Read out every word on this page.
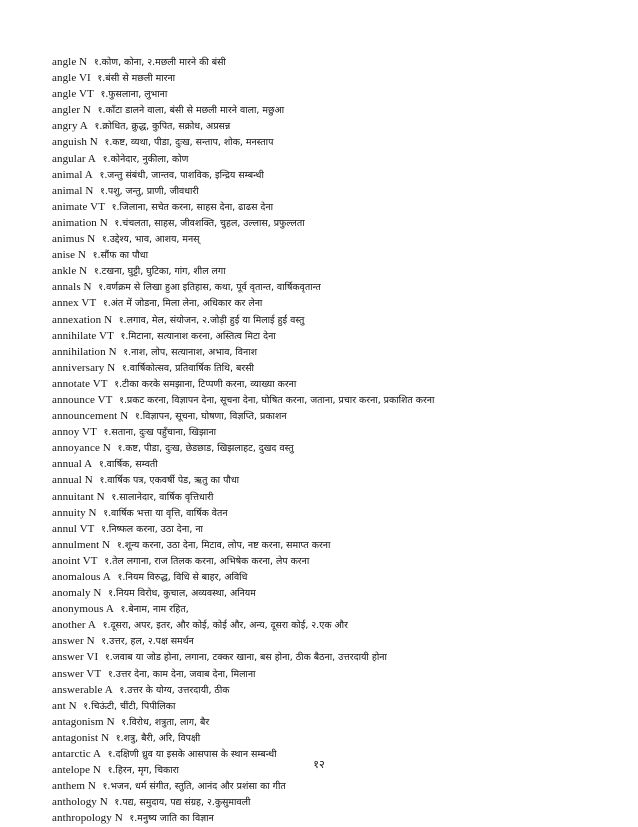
angle N १.कोण, कोना, २.मछली मारने की बंसी
angle VI १.बंसी से मछली मारना
angle VT १.फुसलाना, लुभाना
angler N १.काँटा डालने वाला, बंसी से मछली मारने वाला, मछुआ
angry A १.क्रोधित, क्रुद्ध, कुपित, सक्रोध, अप्रसन्न
anguish N १.कष्ट, व्यथा, पीडा, दुःख, सन्ताप, शोक, मनस्ताप
angular A १.कोनेदार, नुकीला, कोण
animal A १.जन्तु संबंधी, जान्तव, पाशविक, इन्द्रिय सम्बन्धी
animal N १.पशु, जन्तु, प्राणी, जीवधारी
animate VT १.जिलाना, सचेत करना, साहस देना, ढाढस देना
animation N १.चंचलता, साहस, जीवशक्ति, चुहल, उल्लास, प्रफुल्लता
animus N १.उद्देश्य, भाव, आशय, मनस्
anise N १.सौंफ का पौधा
ankle N १.टखना, घुट्टी, घुटिका, गांग, शील लगा
annals N १.वर्णक्रम से लिखा हुआ इतिहास, कथा, पूर्व वृतान्त, वार्षिकवृतान्त
annex VT १.अंत में जोडना, मिला लेना, अधिकार कर लेना
annexation N १.लगाव, मेल, संयोजन, २.जोड़ी हुई या मिलाई हुई वस्तु
annihilate VT १.मिटाना, सत्यानाश करना, अस्तित्व मिटा देना
annihilation N १.नाश, लोप, सत्यानाश, अभाव, विनाश
anniversary N १.वार्षिकोत्सव, प्रतिवार्षिक तिथि, बरसी
annotate VT १.टीका करके समझाना, टिप्पणी करना, व्याख्या करना
announce VT १.प्रकट करना, विज्ञापन देना, सूचना देना, घोषित करना, जताना, प्रचार करना, प्रकाशित करना
announcement N १.विज्ञापन, सूचना, घोषणा, विज्ञप्ति, प्रकाशन
annoy VT १.सताना, दुःख पहुँचाना, खिझाना
annoyance N १.कष्ट, पीडा, दुःख, छेडछाड, खिझलाहट, दुखद वस्तु
annual A १.वार्षिक, सम्वती
annual N १.वार्षिक पत्र, एकवर्षी पेड, ऋतु का पौधा
annuitant N १.सालानेदार, वार्षिक वृत्तिधारी
annuity N १.वार्षिक भत्ता या वृत्ति, वार्षिक वेतन
annul VT १.निष्फल करना, उठा देना, ना
annulment N १.शून्य करना, उठा देना, मिटाव, लोप, नष्ट करना, समाप्त करना
anoint VT १.तेल लगाना, राज तिलक करना, अभिषेक करना, लेप करना
anomalous A १.नियम विरुद्ध, विधि से बाहर, अविधि
anomaly N १.नियम विरोध, कुचाल, अव्यवस्था, अनियम
anonymous A १.बेनाम, नाम रहित,
another A १.दूसरा, अपर, इतर, और कोई, कोई और, अन्य, दूसरा कोई, २.एक और
answer N १.उत्तर, हल, २.पक्ष समर्थन
answer VI १.जवाब या जोड होना, लगाना, टक्कर खाना, बस होना, ठीक बैठना, उत्तरदायी होना
answer VT १.उत्तर देना, काम देना, जवाब देना, मिलाना
answerable A १.उत्तर के योग्य, उत्तरदायी, ठीक
ant N १.चिऊंटी, चींटी, पिपीलिका
antagonism N १.विरोध, शत्रुता, लाग, बैर
antagonist N १.शत्रु, बैरी, अरि, विपक्षी
antarctic A १.दक्षिणी ध्रुव या इसके आसपास के स्थान सम्बन्धी
antelope N १.हिरन, मृग, चिकारा
anthem N १.भजन, धर्म संगीत, स्तुति, आनंद और प्रशंसा का गीत
anthology N १.पद्य, समुदाय, पद्य संग्रह, २.कुसुमावली
anthropology N १.मनुष्य जाति का विज्ञान
१२
